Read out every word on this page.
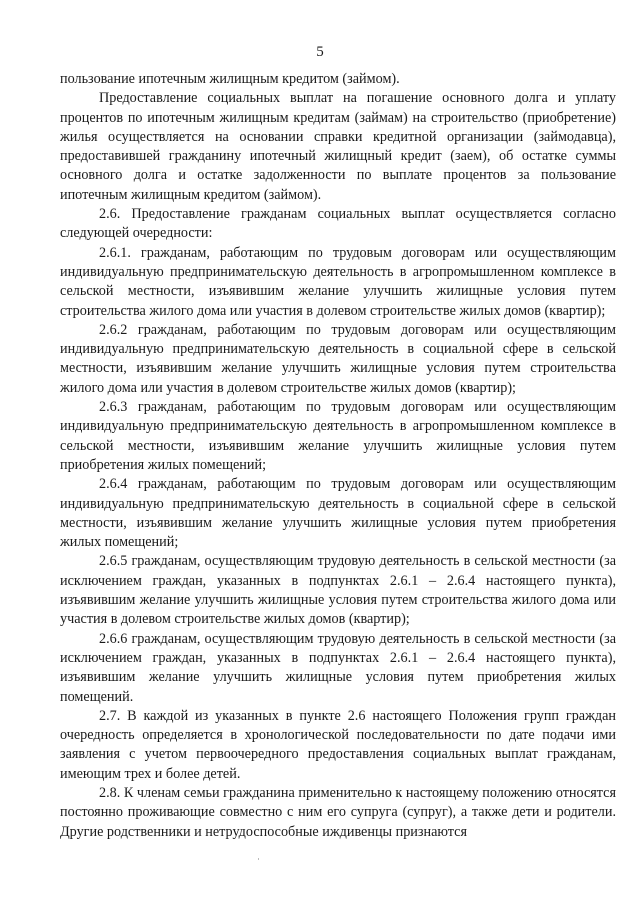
5

пользование ипотечным жилищным кредитом (займом).

Предоставление социальных выплат на погашение основного долга и уплату процентов по ипотечным жилищным кредитам (займам) на строительство (приобретение) жилья осуществляется на основании справки кредитной организации (займодавца), предоставившей гражданину ипотечный жилищный кредит (заем), об остатке суммы основного долга и остатке задолженности по выплате процентов за пользование ипотечным жилищным кредитом (займом).

2.6. Предоставление гражданам социальных выплат осуществляется согласно следующей очередности:

2.6.1. гражданам, работающим по трудовым договорам или осуществляющим индивидуальную предпринимательскую деятельность в агропромышленном комплексе в сельской местности, изъявившим желание улучшить жилищные условия путем строительства жилого дома или участия в долевом строительстве жилых домов (квартир);

2.6.2 гражданам, работающим по трудовым договорам или осуществляющим индивидуальную предпринимательскую деятельность в социальной сфере в сельской местности, изъявившим желание улучшить жилищные условия путем строительства жилого дома или участия в долевом строительстве жилых домов (квартир);

2.6.3 гражданам, работающим по трудовым договорам или осуществляющим индивидуальную предпринимательскую деятельность в агропромышленном комплексе в сельской местности, изъявившим желание улучшить жилищные условия путем приобретения жилых помещений;

2.6.4 гражданам, работающим по трудовым договорам или осуществляющим индивидуальную предпринимательскую деятельность в социальной сфере в сельской местности, изъявившим желание улучшить жилищные условия путем приобретения жилых помещений;

2.6.5 гражданам, осуществляющим трудовую деятельность в сельской местности (за исключением граждан, указанных в подпунктах 2.6.1 – 2.6.4 настоящего пункта), изъявившим желание улучшить жилищные условия путем строительства жилого дома или участия в долевом строительстве жилых домов (квартир);

2.6.6 гражданам, осуществляющим трудовую деятельность в сельской местности (за исключением граждан, указанных в подпунктах 2.6.1 – 2.6.4 настоящего пункта), изъявившим желание улучшить жилищные условия путем приобретения жилых помещений.

2.7. В каждой из указанных в пункте 2.6 настоящего Положения групп граждан очередность определяется в хронологической последовательности по дате подачи ими заявления с учетом первоочередного предоставления социальных выплат гражданам, имеющим трех и более детей.

2.8. К членам семьи гражданина применительно к настоящему положению относятся постоянно проживающие совместно с ним его супруга (супруг), а также дети и родители. Другие родственники и нетрудоспособные иждивенцы признаются
